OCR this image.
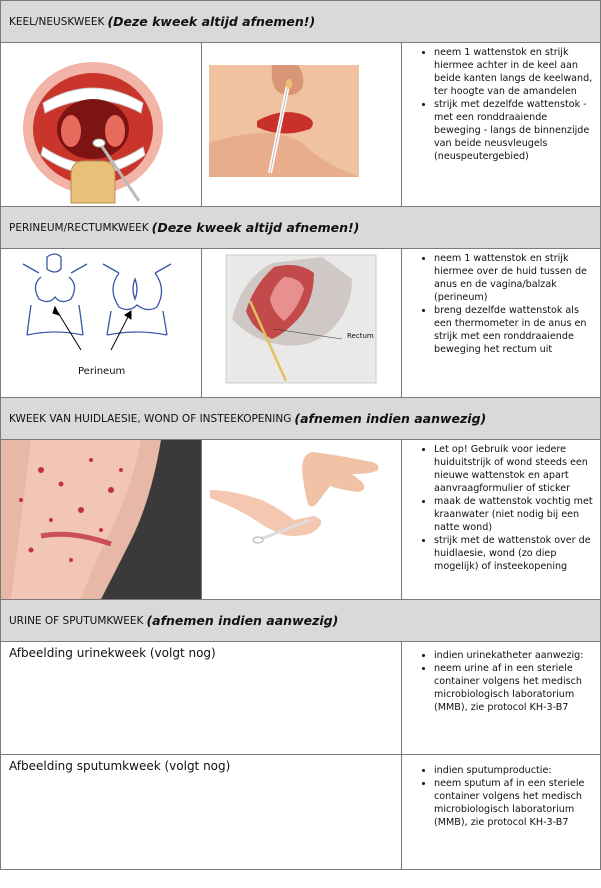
KEEL/NEUSKWEEK (Deze kweek altijd afnemen!)
• neem 1 wattenstok en strijk hiermee achter in de keel aan beide kanten langs de keelwand, ter hoogte van de amandelen
• strijk met dezelfde wattenstok - met een ronddraaiende beweging - langs de binnenzijde van beide neusvleugels (neuspeutergebied)
PERINEUM/RECTUMKWEEK (Deze kweek altijd afnemen!)
Perineum
Rectum
• neem 1 wattenstok en strijk hiermee over de huid tussen de anus en de vagina/balzak (perineum)
• breng dezelfde wattenstok als een thermometer in de anus en strijk met een ronddraaiende beweging het rectum uit
KWEEK VAN HUIDLAESIE, WOND OF INSTEEKOPENING (afnemen indien aanwezig)
• Let op! Gebruik voor iedere huiduitstrijk of wond steeds een nieuwe wattenstok en apart aanvraagformulier of sticker
• maak de wattenstok vochtig met kraanwater (niet nodig bij een natte wond)
• strijk met de wattenstok over de huidlaesie, wond (zo diep mogelijk) of insteekopening
URINE OF SPUTUMKWEEK (afnemen indien aanwezig)
Afbeelding urinekweek (volgt nog)	• indien urinekatheter aanwezig:
• neem urine af in een steriele container volgens het medisch microbiologisch laboratorium (MMB), zie protocol KH-3-B7
Afbeelding sputumkweek (volgt nog)	• indien sputumproductie:
• neem sputum af in een steriele container volgens het medisch microbiologisch laboratorium (MMB), zie protocol KH-3-B7
